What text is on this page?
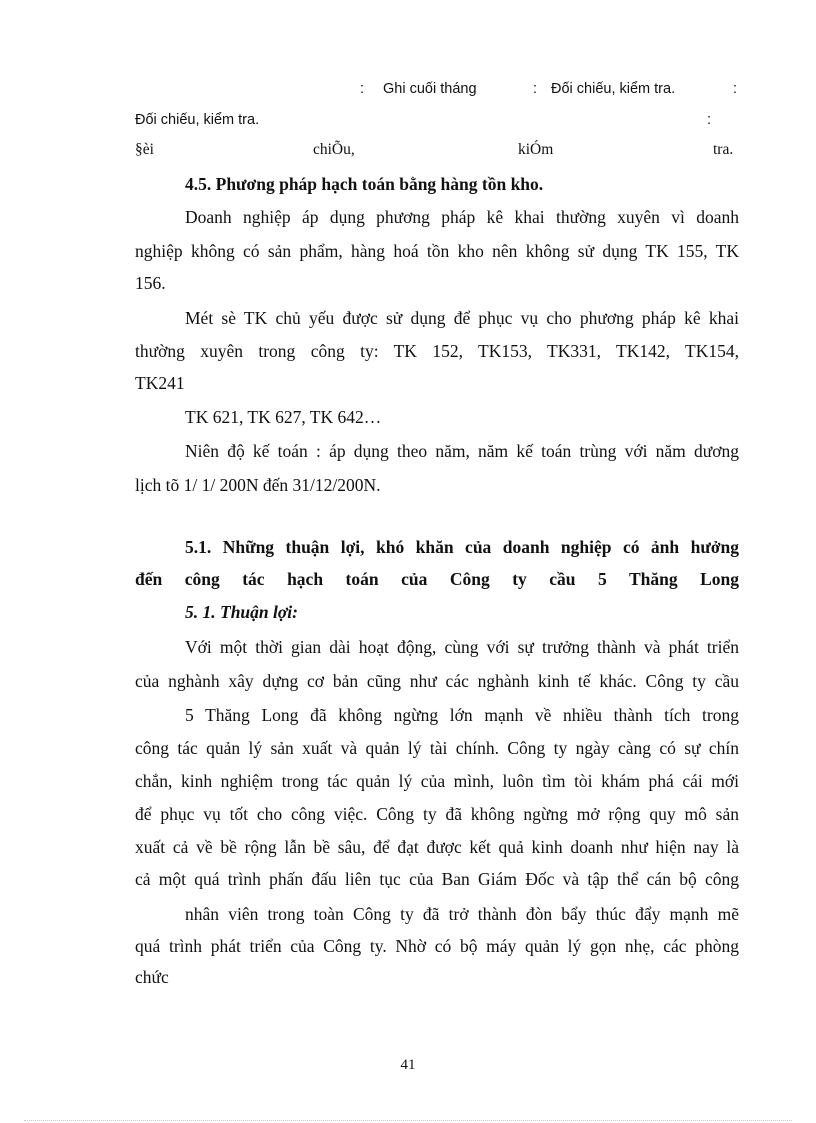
: Ghi cuối tháng	: Đối chiếu, kiểm tra.	:
Đối chiếu, kiểm tra.	:
§èi	chiÕu,	kiÓm	tra.
4.5. Phương pháp hạch toán bằng hàng tồn kho.
Doanh nghiệp áp dụng phương pháp kê khai thường xuyên vì doanh
nghiệp không có sản phẩm, hàng hoá tồn kho nên không sử dụng TK 155, TK
156.
Mét sè TK chủ yếu được sử dụng để phục vụ cho phương pháp kê khai
thường xuyên trong công ty: TK 152, TK153, TK331, TK142, TK154,
TK241
TK 621, TK 627, TK 642…
Niên độ kế toán : áp dụng theo năm, năm kế toán trùng với năm dương
lịch tõ 1/ 1/ 200N đến 31/12/200N.
5.1. Những thuận lợi, khó khăn của doanh nghiệp có ảnh hưởng
đến công tác hạch toán của Công ty cầu 5 Thăng Long
5. 1. Thuận lợi:
Với một thời gian dài hoạt động, cùng với sự trưởng thành và phát triển
của nghành xây dựng cơ bản cũng như các nghành kinh tế khác. Công ty cầu
5 Thăng Long đã không ngừng lớn mạnh về nhiều thành tích trong
công tác quản lý sản xuất và quản lý tài chính. Công ty ngày càng có sự chín
chắn, kinh nghiệm trong tác quản lý của mình, luôn tìm tòi khám phá cái mới
để phục vụ tốt cho công việc. Công ty đã không ngừng mở rộng quy mô sản
xuất cả về bề rộng lẫn bề sâu, để đạt được kết quả kinh doanh như hiện nay là
cả một quá trình phấn đấu liên tục của Ban Giám Đốc và tập thể cán bộ công
nhân viên trong toàn Công ty đã trở thành đòn bẩy thúc đẩy mạnh mẽ
quá trình phát triển của Công ty. Nhờ có bộ máy quản lý gọn nhẹ, các phòng
chức
41
